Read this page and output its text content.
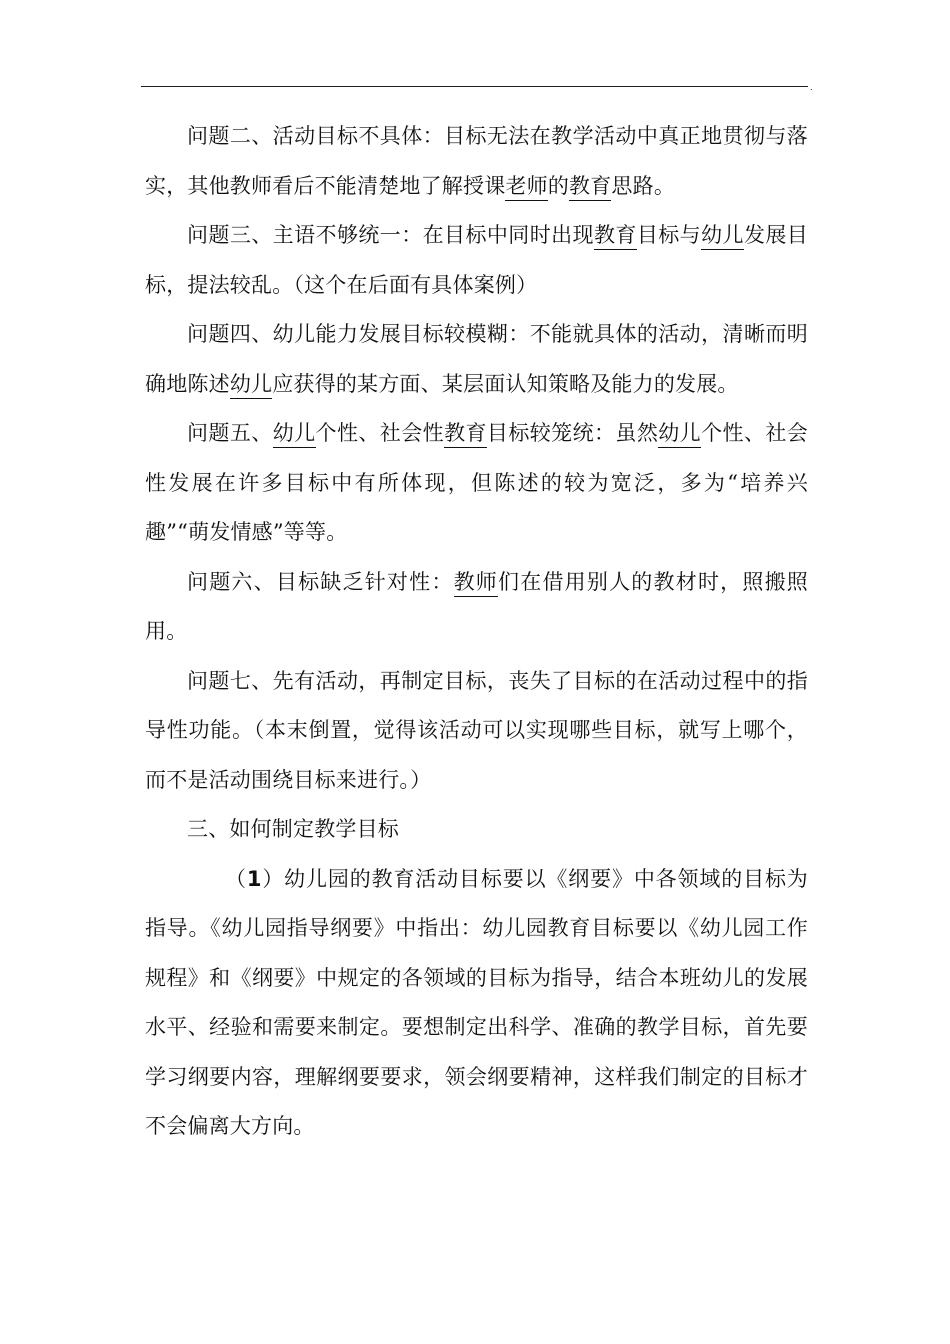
.

问题二、活动目标不具体：目标无法在教学活动中真正地贯彻与落实，其他教师看后不能清楚地了解授课老师的教育思路。

问题三、主语不够统一：在目标中同时出现教育目标与幼儿发展目标，提法较乱。（这个在后面有具体案例）

问题四、幼儿能力发展目标较模糊：不能就具体的活动，清晰而明确地陈述幼儿应获得的某方面、某层面认知策略及能力的发展。

问题五、幼儿个性、社会性教育目标较笼统：虽然幼儿个性、社会性发展在许多目标中有所体现，但陈述的较为宽泛，多为“培养兴趣”“萌发情感”等等。

问题六、目标缺乏针对性：教师们在借用别人的教材时，照搬照用。

问题七、先有活动，再制定目标，丧失了目标的在活动过程中的指导性功能。（本末倒置，觉得该活动可以实现哪些目标，就写上哪个，而不是活动围绕目标来进行。）

三、如何制定教学目标

（1）幼儿园的教育活动目标要以《纲要》中各领域的目标为指导。《幼儿园指导纲要》中指出：幼儿园教育目标要以《幼儿园工作规程》和《纲要》中规定的各领域的目标为指导，结合本班幼儿的发展水平、经验和需要来制定。要想制定出科学、准确的教学目标，首先要学习纲要内容，理解纲要要求，领会纲要精神，这样我们制定的目标才不会偏离大方向。
